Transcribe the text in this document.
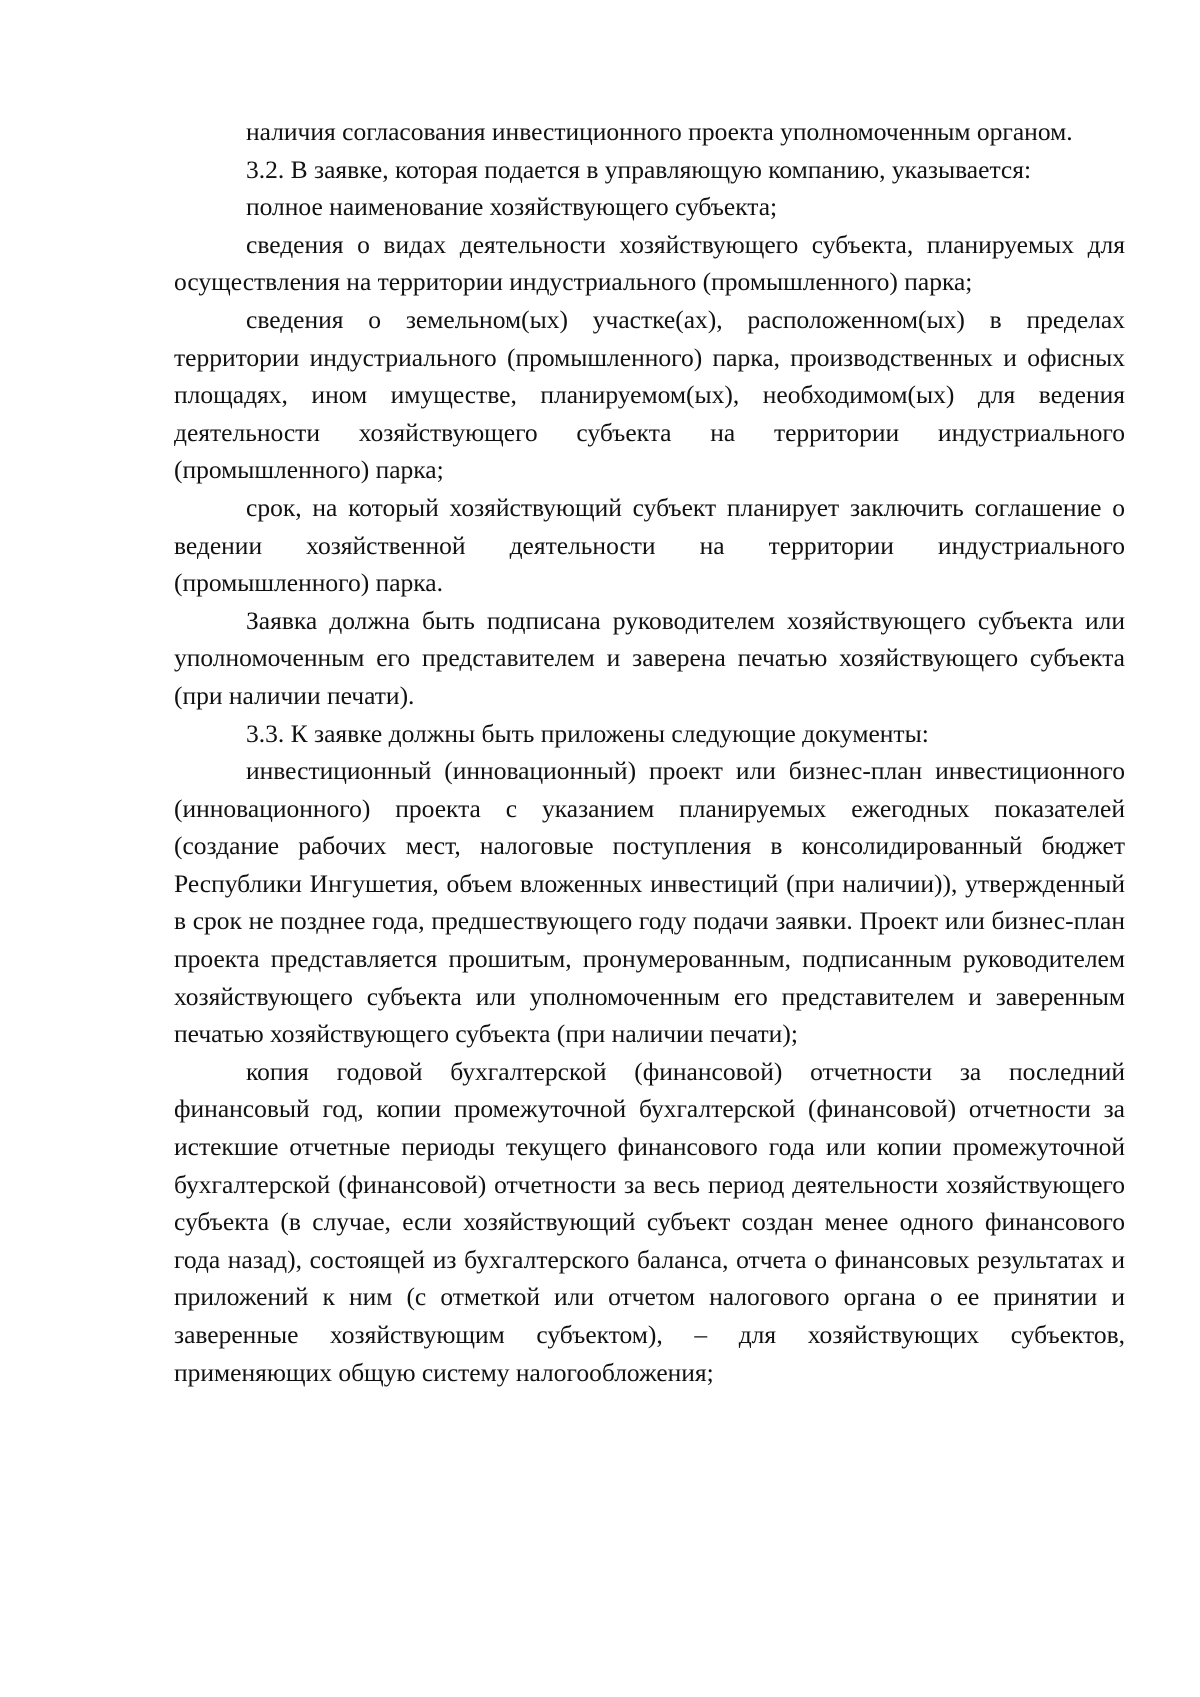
наличия согласования инвестиционного проекта уполномоченным органом.

3.2. В заявке, которая подается в управляющую компанию, указывается:

полное наименование хозяйствующего субъекта;

сведения о видах деятельности хозяйствующего субъекта, планируемых для осуществления на территории индустриального (промышленного) парка;

сведения о земельном(ых) участке(ах), расположенном(ых) в пределах территории индустриального (промышленного) парка, производственных и офисных площадях, ином имуществе, планируемом(ых), необходимом(ых) для ведения деятельности хозяйствующего субъекта на территории индустриального (промышленного) парка;

срок, на который хозяйствующий субъект планирует заключить соглашение о ведении хозяйственной деятельности на территории индустриального (промышленного) парка.

Заявка должна быть подписана руководителем хозяйствующего субъекта или уполномоченным его представителем и заверена печатью хозяйствующего субъекта (при наличии печати).

3.3. К заявке должны быть приложены следующие документы:

инвестиционный (инновационный) проект или бизнес-план инвестиционного (инновационного) проекта с указанием планируемых ежегодных показателей (создание рабочих мест, налоговые поступления в консолидированный бюджет Республики Ингушетия, объем вложенных инвестиций (при наличии)), утвержденный в срок не позднее года, предшествующего году подачи заявки. Проект или бизнес-план проекта представляется прошитым, пронумерованным, подписанным руководителем хозяйствующего субъекта или уполномоченным его представителем и заверенным печатью хозяйствующего субъекта (при наличии печати);

копия годовой бухгалтерской (финансовой) отчетности за последний финансовый год, копии промежуточной бухгалтерской (финансовой) отчетности за истекшие отчетные периоды текущего финансового года или копии промежуточной бухгалтерской (финансовой) отчетности за весь период деятельности хозяйствующего субъекта (в случае, если хозяйствующий субъект создан менее одного финансового года назад), состоящей из бухгалтерского баланса, отчета о финансовых результатах и приложений к ним (с отметкой или отчетом налогового органа о ее принятии и заверенные хозяйствующим субъектом), – для хозяйствующих субъектов, применяющих общую систему налогообложения;
